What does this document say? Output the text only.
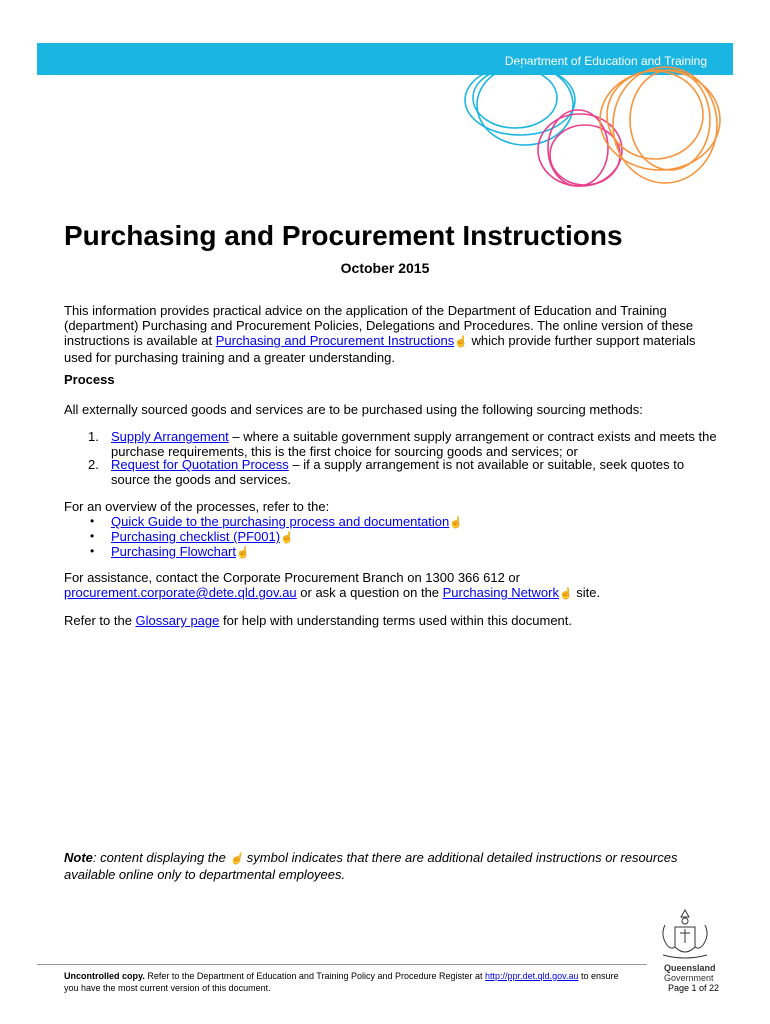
Department of Education and Training
Purchasing and Procurement Instructions
October 2015
This information provides practical advice on the application of the Department of Education and Training (department) Purchasing and Procurement Policies, Delegations and Procedures. The online version of these instructions is available at Purchasing and Procurement Instructions☝ which provide further support materials used for purchasing training and a greater understanding.
Process
All externally sourced goods and services are to be purchased using the following sourcing methods:
1. Supply Arrangement – where a suitable government supply arrangement or contract exists and meets the purchase requirements, this is the first choice for sourcing goods and services; or
2. Request for Quotation Process – if a supply arrangement is not available or suitable, seek quotes to source the goods and services.
For an overview of the processes, refer to the:
• Quick Guide to the purchasing process and documentation☝
• Purchasing checklist (PF001)☝
• Purchasing Flowchart☝
For assistance, contact the Corporate Procurement Branch on 1300 366 612 or
procurement.corporate@dete.qld.gov.au or ask a question on the Purchasing Network☝ site.
Refer to the Glossary page for help with understanding terms used within this document.
Note: content displaying the ☝ symbol indicates that there are additional detailed instructions or resources available online only to departmental employees.
Queensland
Government
Uncontrolled copy. Refer to the Department of Education and Training Policy and Procedure Register at http://ppr.det.qld.gov.au to ensure
you have the most current version of this document.	Page 1 of 22
